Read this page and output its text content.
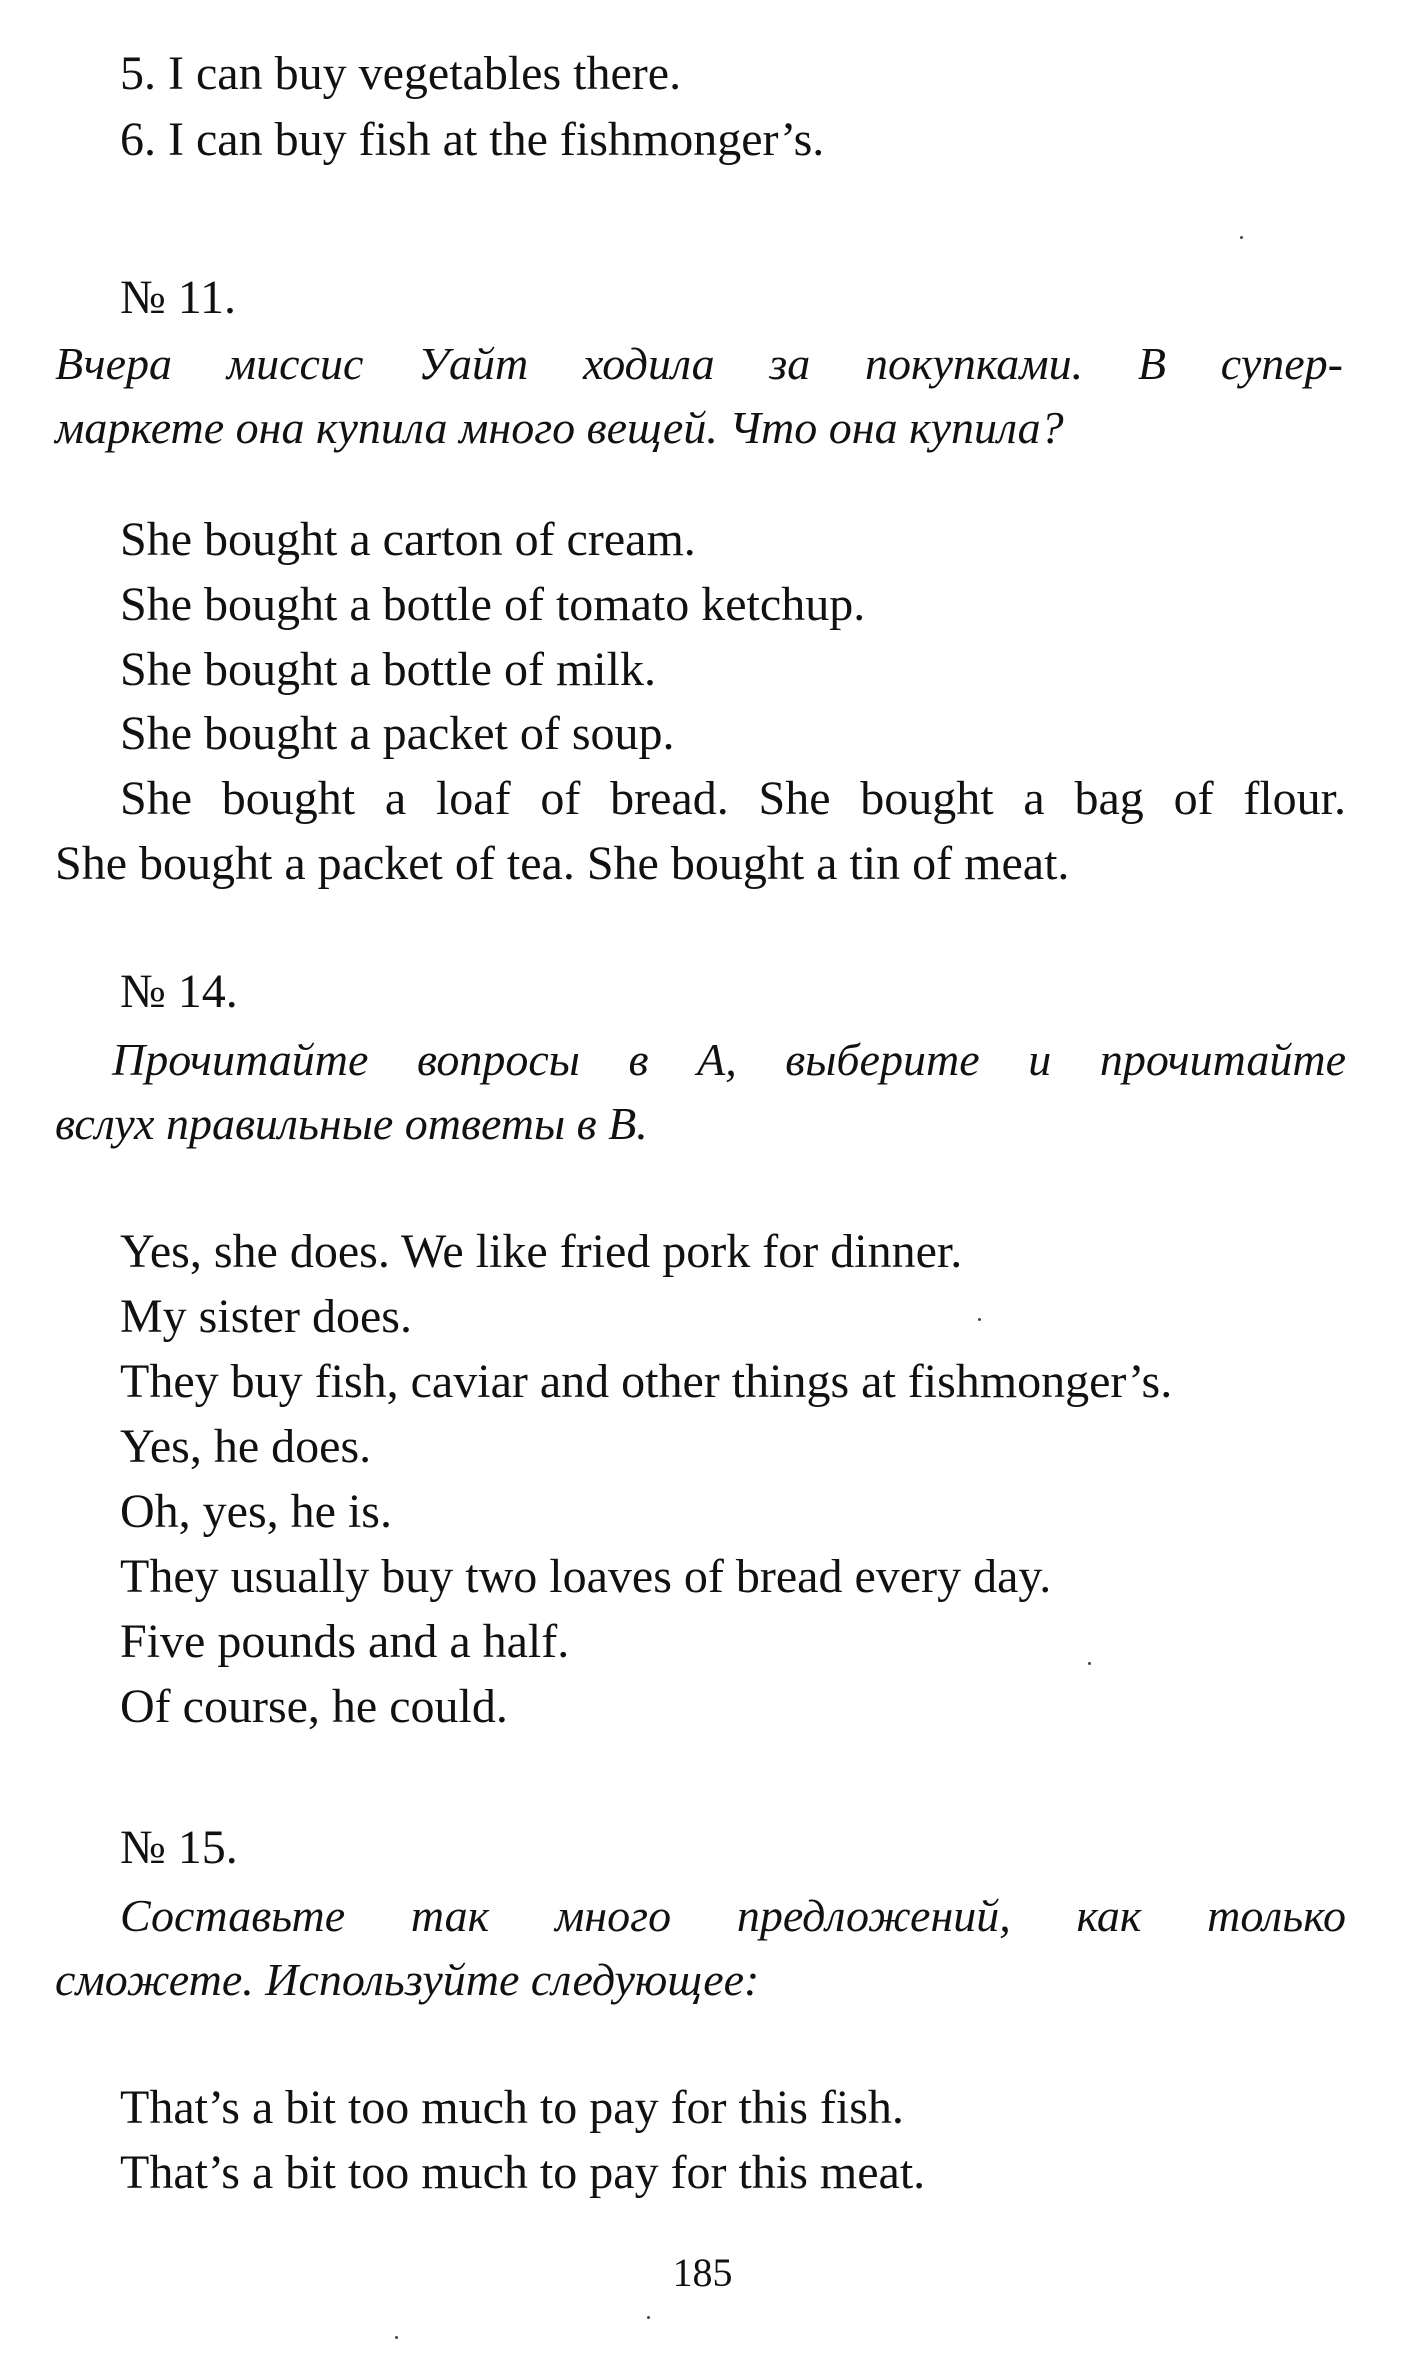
5. I can buy vegetables there.
6. I can buy fish at the fishmonger’s.
№ 11.
Вчера миссис Уайт ходила за покупками. В супер-
маркете она купила много вещей. Что она купила?
She bought a carton of cream.
She bought a bottle of tomato ketchup.
She bought a bottle of milk.
She bought a packet of soup.
She bought a loaf of bread. She bought a bag of flour.
She bought a packet of tea. She bought a tin of meat.
№ 14.
Прочитайте вопросы в А, выберите и прочитайте
вслух правильные ответы в В.
Yes, she does. We like fried pork for dinner.
My sister does.
They buy fish, caviar and other things at fishmonger’s.
Yes, he does.
Oh, yes, he is.
They usually buy two loaves of bread every day.
Five pounds and a half.
Of course, he could.
№ 15.
Составьте так много предложений, как только
сможете. Используйте следующее:
That’s a bit too much to pay for this fish.
That’s a bit too much to pay for this meat.
185
